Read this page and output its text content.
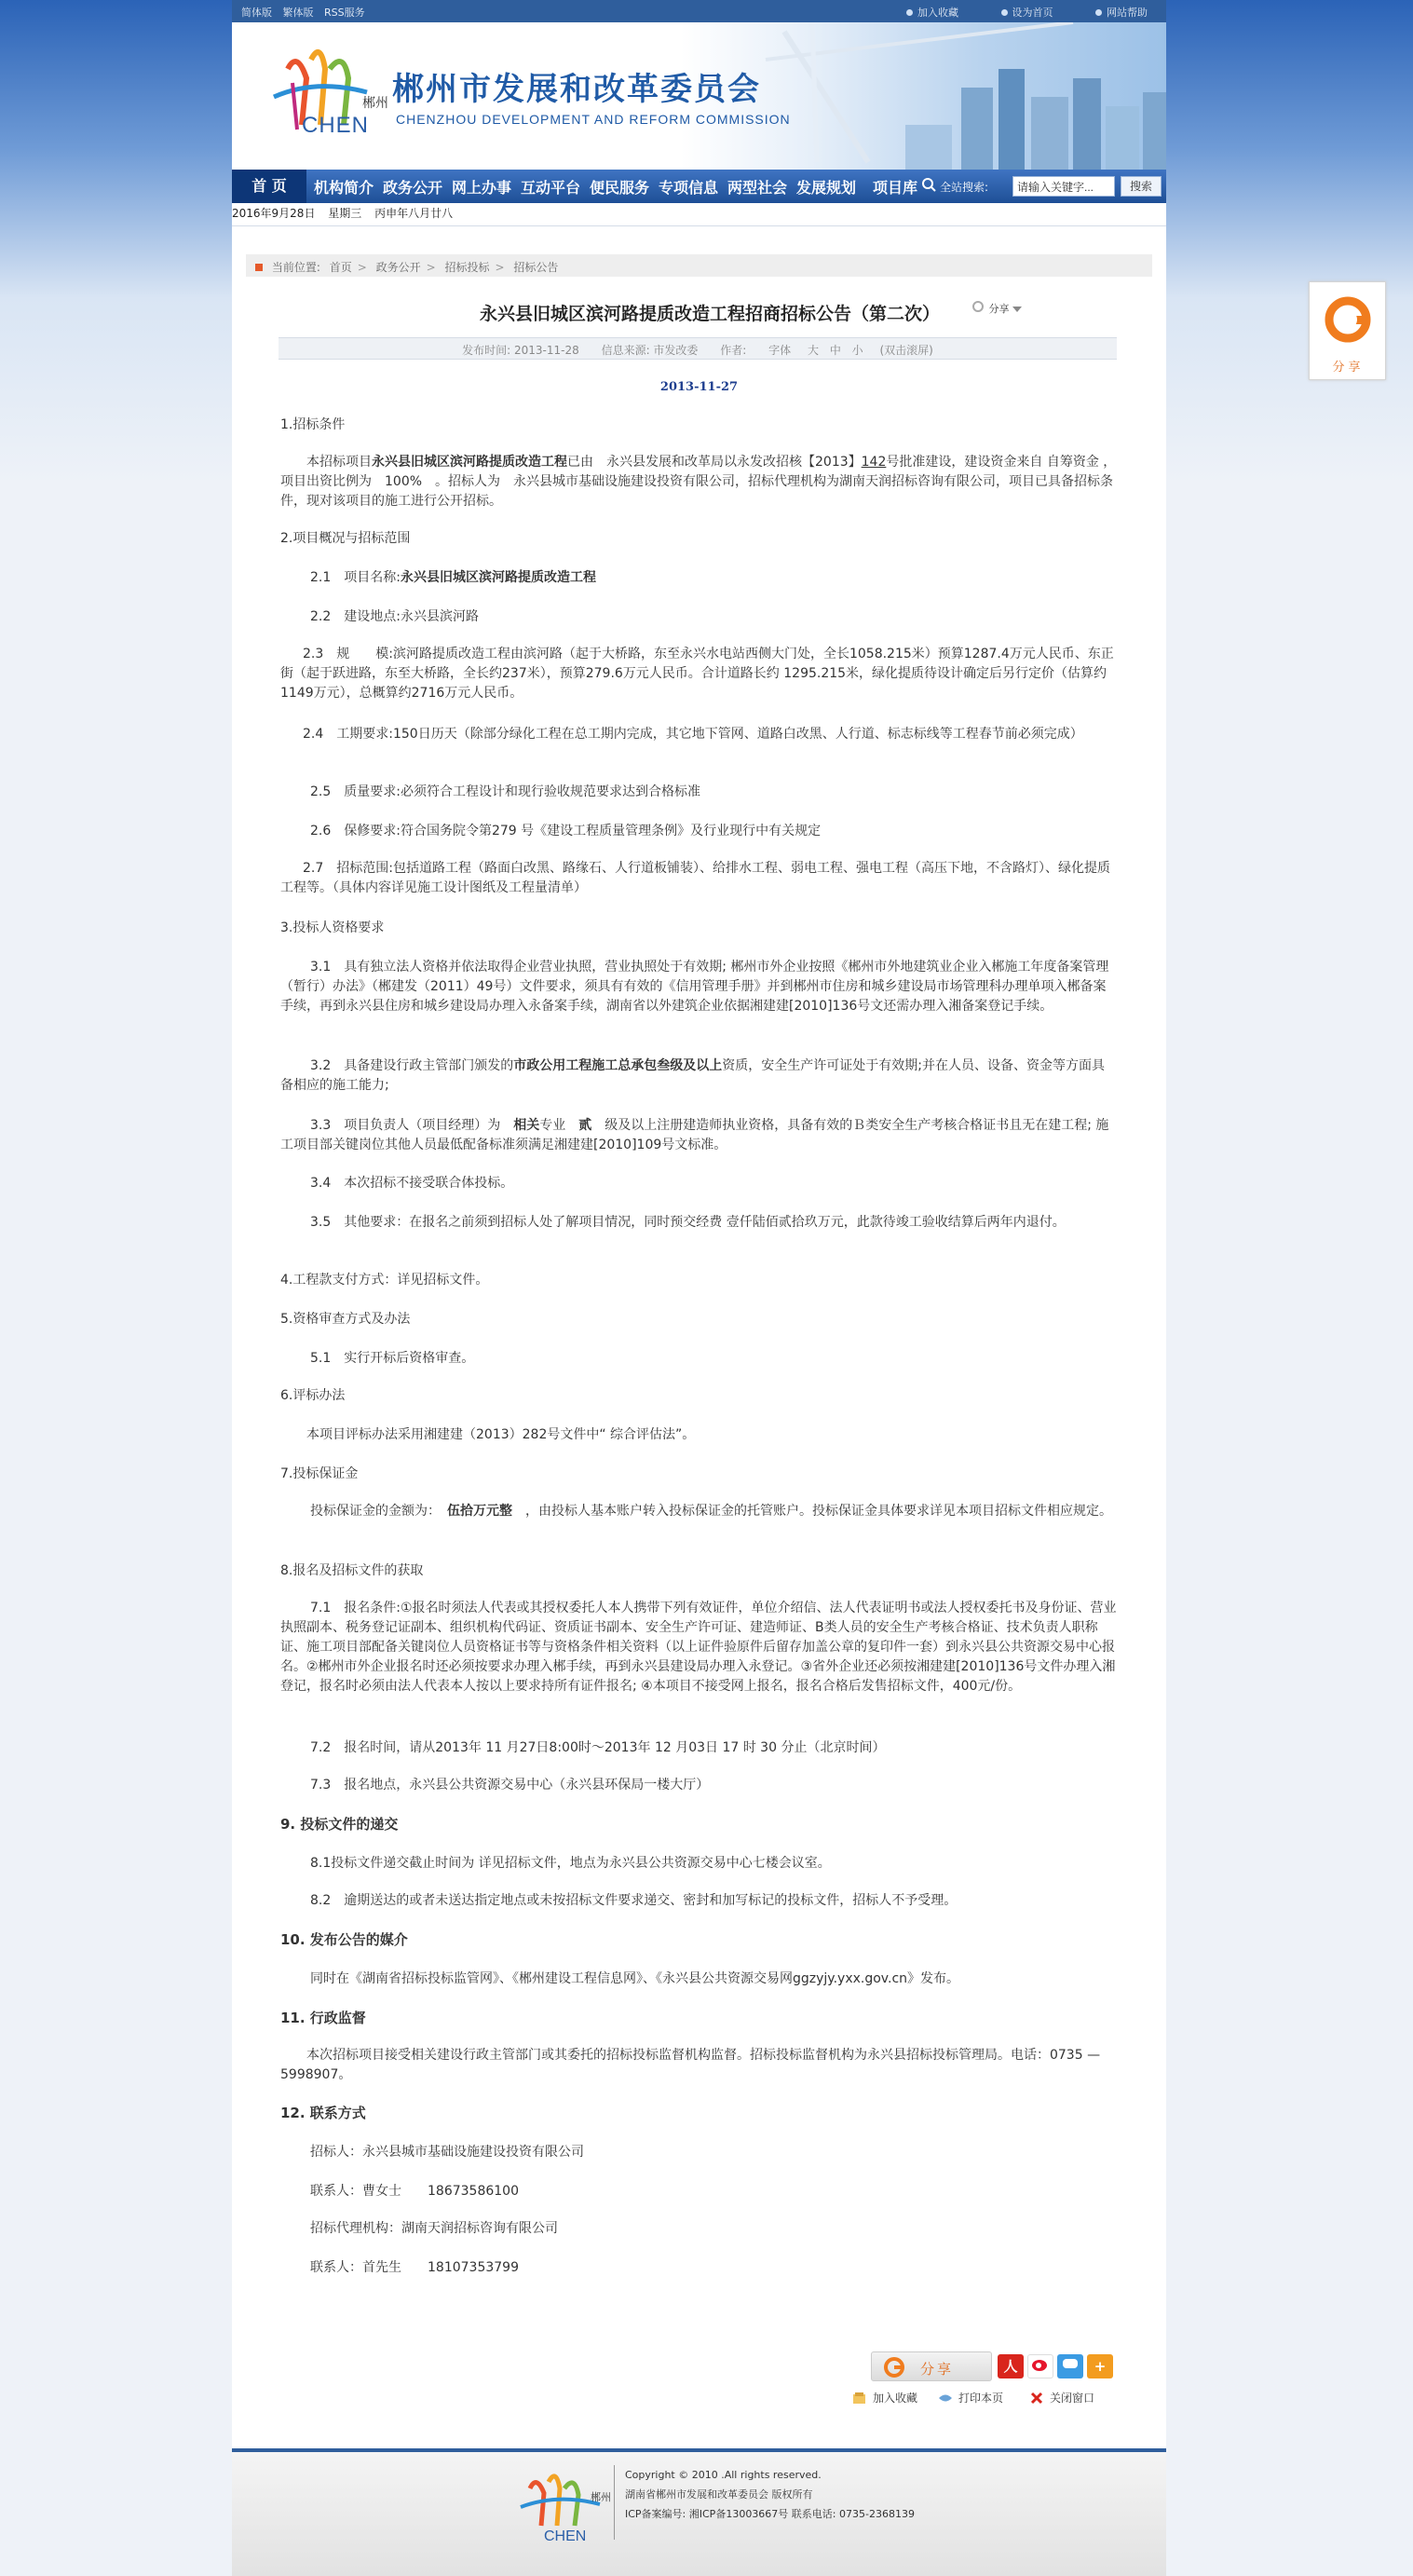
简体版 繁体版 RSS服务	加入收藏	设为首页	网站帮助
郴州
CHEN
郴州市发展和改革委员会
CHENZHOU DEVELOPMENT AND REFORM COMMISSION
首 页	机构简介 政务公开 网上办事 互动平台 便民服务 专项信息 两型社会 发展规划 项目库 全站搜索:
请输入关键字...	搜索
2016年9月28日 星期三 丙申年八月廿八
当前位置: 首页 > 政务公开 > 招标投标 > 招标公告
永兴县旧城区滨河路提质改造工程招商招标公告（第二次）	分享
发布时间: 2013-11-28 信息来源: 市发改委 作者: 字体 大 中 小 (双击滚屏)
2013-11-27
1.招标条件
本招标项目永兴县旧城区滨河路提质改造工程已由　永兴县发展和改革局以永发改招核【2013】142号批准建设，建设资金来自 自筹资金 ，项目出资比例为　100%　。招标人为　永兴县城市基础设施建设投资有限公司，招标代理机构为湖南天润招标咨询有限公司，项目已具备招标条件，现对该项目的施工进行公开招标。
2.项目概况与招标范围
2.1　项目名称:永兴县旧城区滨河路提质改造工程
2.2　建设地点:永兴县滨河路
2.3　规　　模:滨河路提质改造工程由滨河路（起于大桥路，东至永兴水电站西侧大门处，全长1058.215米）预算1287.4万元人民币、东正街（起于跃进路，东至大桥路，全长约237米），预算279.6万元人民币。合计道路长约 1295.215米，绿化提质待设计确定后另行定价（估算约1149万元），总概算约2716万元人民币。
2.4　工期要求:150日历天（除部分绿化工程在总工期内完成，其它地下管网、道路白改黑、人行道、标志标线等工程春节前必须完成）
2.5　质量要求:必须符合工程设计和现行验收规范要求达到合格标准
2.6　保修要求:符合国务院令第279 号《建设工程质量管理条例》及行业现行中有关规定
2.7　招标范围:包括道路工程（路面白改黑、路缘石、人行道板铺装）、给排水工程、弱电工程、强电工程（高压下地，不含路灯）、绿化提质工程等。（具体内容详见施工设计图纸及工程量清单）
3.投标人资格要求
3.1　具有独立法人资格并依法取得企业营业执照，营业执照处于有效期; 郴州市外企业按照《郴州市外地建筑业企业入郴施工年度备案管理（暂行）办法》（郴建发（2011）49号）文件要求，须具有有效的《信用管理手册》并到郴州市住房和城乡建设局市场管理科办理单项入郴备案手续，再到永兴县住房和城乡建设局办理入永备案手续，湖南省以外建筑企业依据湘建建[2010]136号文还需办理入湘备案登记手续。
3.2　具备建设行政主管部门颁发的市政公用工程施工总承包叁级及以上资质，安全生产许可证处于有效期;并在人员、设备、资金等方面具备相应的施工能力;
3.3　项目负责人（项目经理）为　相关专业　贰　级及以上注册建造师执业资格，具备有效的Ｂ类安全生产考核合格证书且无在建工程; 施工项目部关键岗位其他人员最低配备标准须满足湘建建[2010]109号文标准。
3.4　本次招标不接受联合体投标。
3.5　其他要求：在报名之前须到招标人处了解项目情况，同时预交经费 壹仟陆佰贰拾玖万元，此款待竣工验收结算后两年内退付。
4.工程款支付方式：详见招标文件。
5.资格审查方式及办法
5.1　实行开标后资格审查。
6.评标办法
本项目评标办法采用湘建建（2013）282号文件中“ 综合评估法”。
7.投标保证金
投标保证金的金额为：　伍拾万元整　，由投标人基本账户转入投标保证金的托管账户。投标保证金具体要求详见本项目招标文件相应规定。
8.报名及招标文件的获取
7.1　报名条件:①报名时须法人代表或其授权委托人本人携带下列有效证件，单位介绍信、法人代表证明书或法人授权委托书及身份证、营业执照副本、税务登记证副本、组织机构代码证、资质证书副本、安全生产许可证、建造师证、B类人员的安全生产考核合格证、技术负责人职称证、施工项目部配备关键岗位人员资格证书等与资格条件相关资料（以上证件验原件后留存加盖公章的复印件一套）到永兴县公共资源交易中心报名。②郴州市外企业报名时还必须按要求办理入郴手续，再到永兴县建设局办理入永登记。③省外企业还必须按湘建建[2010]136号文件办理入湘登记，报名时必须由法人代表本人按以上要求持所有证件报名; ④本项目不接受网上报名，报名合格后发售招标文件，400元/份。
7.2　报名时间，请从2013年 11 月27日8:00时～2013年 12 月03日 17 时 30 分止（北京时间）
7.3　报名地点，永兴县公共资源交易中心（永兴县环保局一楼大厅）
9. 投标文件的递交
8.1投标文件递交截止时间为 详见招标文件，地点为永兴县公共资源交易中心七楼会议室。
8.2　逾期送达的或者未送达指定地点或未按招标文件要求递交、密封和加写标记的投标文件，招标人不予受理。
10. 发布公告的媒介
同时在《湖南省招标投标监管网》、《郴州建设工程信息网》、《永兴县公共资源交易网ggzyjy.yxx.gov.cn》发布。
11. 行政监督
本次招标项目接受相关建设行政主管部门或其委托的招标投标监督机构监督。招标投标监督机构为永兴县招标投标管理局。电话：0735 — 5998907。
12. 联系方式
招标人：永兴县城市基础设施建设投资有限公司
联系人：曹女士　　18673586100
招标代理机构：湖南天润招标咨询有限公司
联系人：首先生　　18107353799
分享	人	+
加入收藏	打印本页	关闭窗口
郴州
CHEN
Copyright © 2010 .All rights reserved.
湖南省郴州市发展和改革委员会 版权所有
ICP备案编号: 湘ICP备13003667号 联系电话: 0735-2368139
分享
